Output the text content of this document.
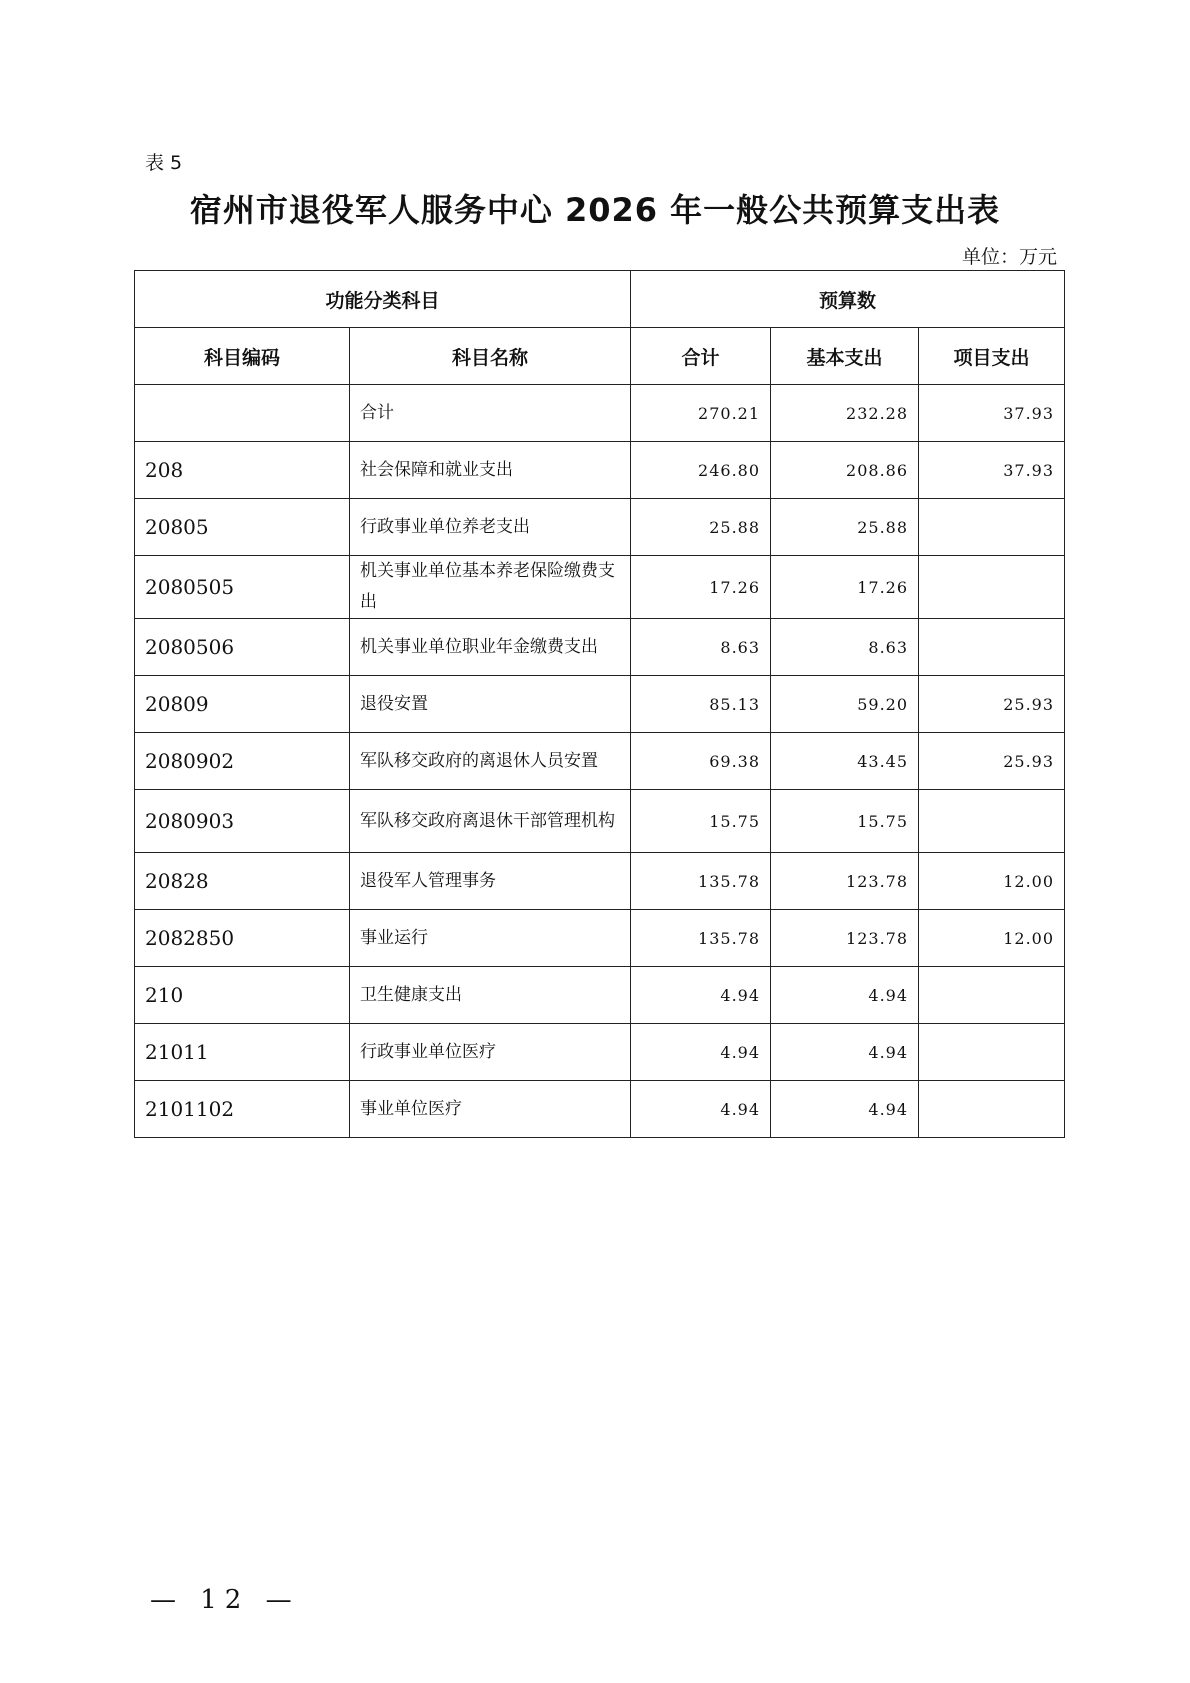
表 5
宿州市退役军人服务中心 2026 年一般公共预算支出表
单位：万元
功能分类科目		预算数		
科目编码	科目名称	合计	基本支出	项目支出
	合计	270.21	232.28	37.93
208	社会保障和就业支出	246.80	208.86	37.93
20805	行政事业单位养老支出	25.88	25.88	
2080505	机关事业单位基本养老保险缴费支出	17.26	17.26	
2080506	机关事业单位职业年金缴费支出	8.63	8.63	
20809	退役安置	85.13	59.20	25.93
2080902	军队移交政府的离退休人员安置	69.38	43.45	25.93
2080903	军队移交政府离退休干部管理机构	15.75	15.75	
20828	退役军人管理事务	135.78	123.78	12.00
2082850	事业运行	135.78	123.78	12.00
210	卫生健康支出	4.94	4.94	
21011	行政事业单位医疗	4.94	4.94	
2101102	事业单位医疗	4.94	4.94	
— 12 —
